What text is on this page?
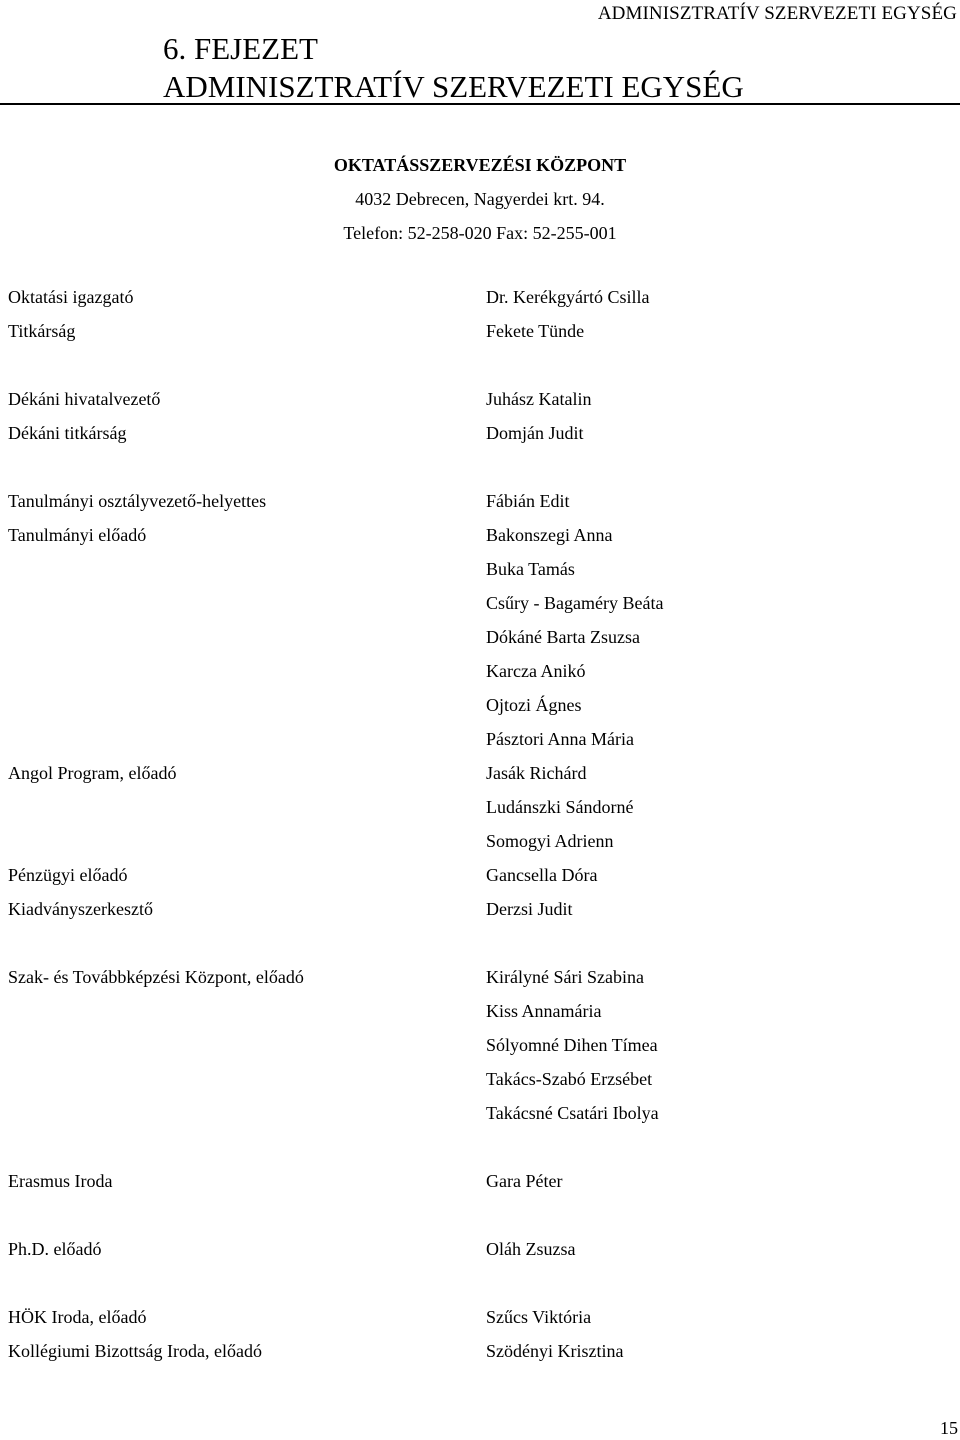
ADMINISZTRATÍV SZERVEZETI EGYSÉG
6. FEJEZET
ADMINISZTRATÍV SZERVEZETI EGYSÉG
OKTATÁSSZERVEZÉSI KÖZPONT
4032 Debrecen, Nagyerdei krt. 94.
Telefon: 52-258-020 Fax: 52-255-001
Oktatási igazgató	Dr. Kerékgyártó Csilla
Titkárság	Fekete Tünde
Dékáni hivatalvezető	Juhász Katalin
Dékáni titkárság	Domján Judit
Tanulmányi osztályvezető-helyettes	Fábián Edit
Tanulmányi előadó	Bakonszegi Anna
Buka Tamás
Csűry - Bagaméry Beáta
Dókáné Barta Zsuzsa
Karcza Anikó
Ojtozi Ágnes
Pásztori Anna Mária
Angol Program, előadó	Jasák Richárd
Ludánszki Sándorné
Somogyi Adrienn
Pénzügyi előadó	Gancsella Dóra
Kiadványszerkesztő	Derzsi Judit
Szak- és Továbbképzési Központ, előadó	Királyné Sári Szabina
Kiss Annamária
Sólyomné Dihen Tímea
Takács-Szabó Erzsébet
Takácsné Csatári Ibolya
Erasmus Iroda	Gara Péter
Ph.D. előadó	Oláh Zsuzsa
HÖK Iroda, előadó	Szűcs Viktória
Kollégiumi Bizottság Iroda, előadó	Szödényi Krisztina
15
